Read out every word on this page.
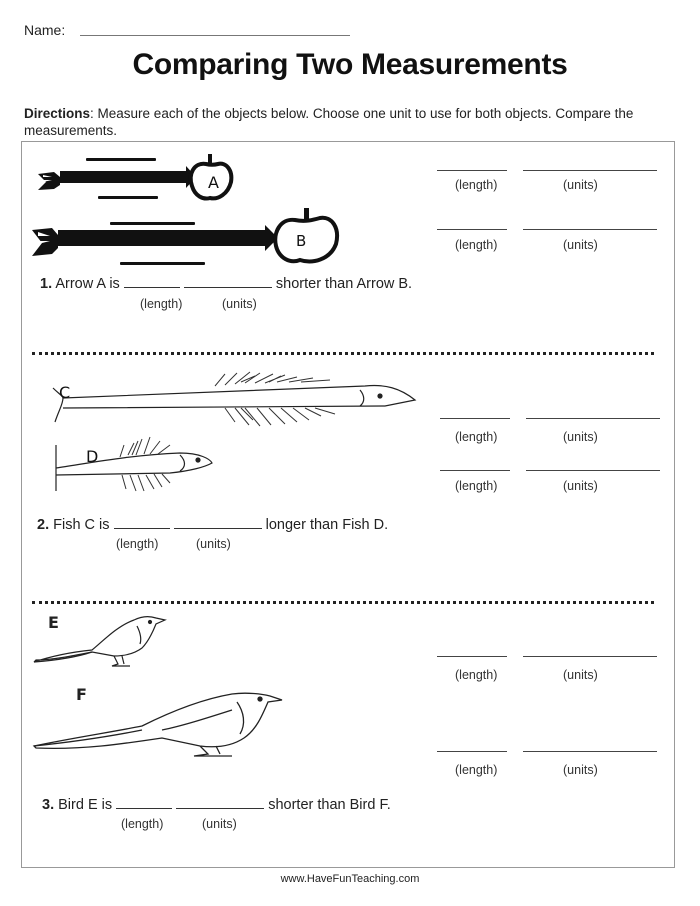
Name:
Comparing Two Measurements
Directions: Measure each of the objects below. Choose one unit to use for both objects. Compare the measurements.
A
B
(length)	(units)
(length)	(units)
1. Arrow A is	shorter than Arrow B.
(length)	(units)
C
D
(length)	(units)
(length)	(units)
2. Fish C is	longer than Fish D.
(length)	(units)
E
F
(length)	(units)
(length)	(units)
3. Bird E is	shorter than Bird F.
(length)	(units)
www.HaveFunTeaching.com
